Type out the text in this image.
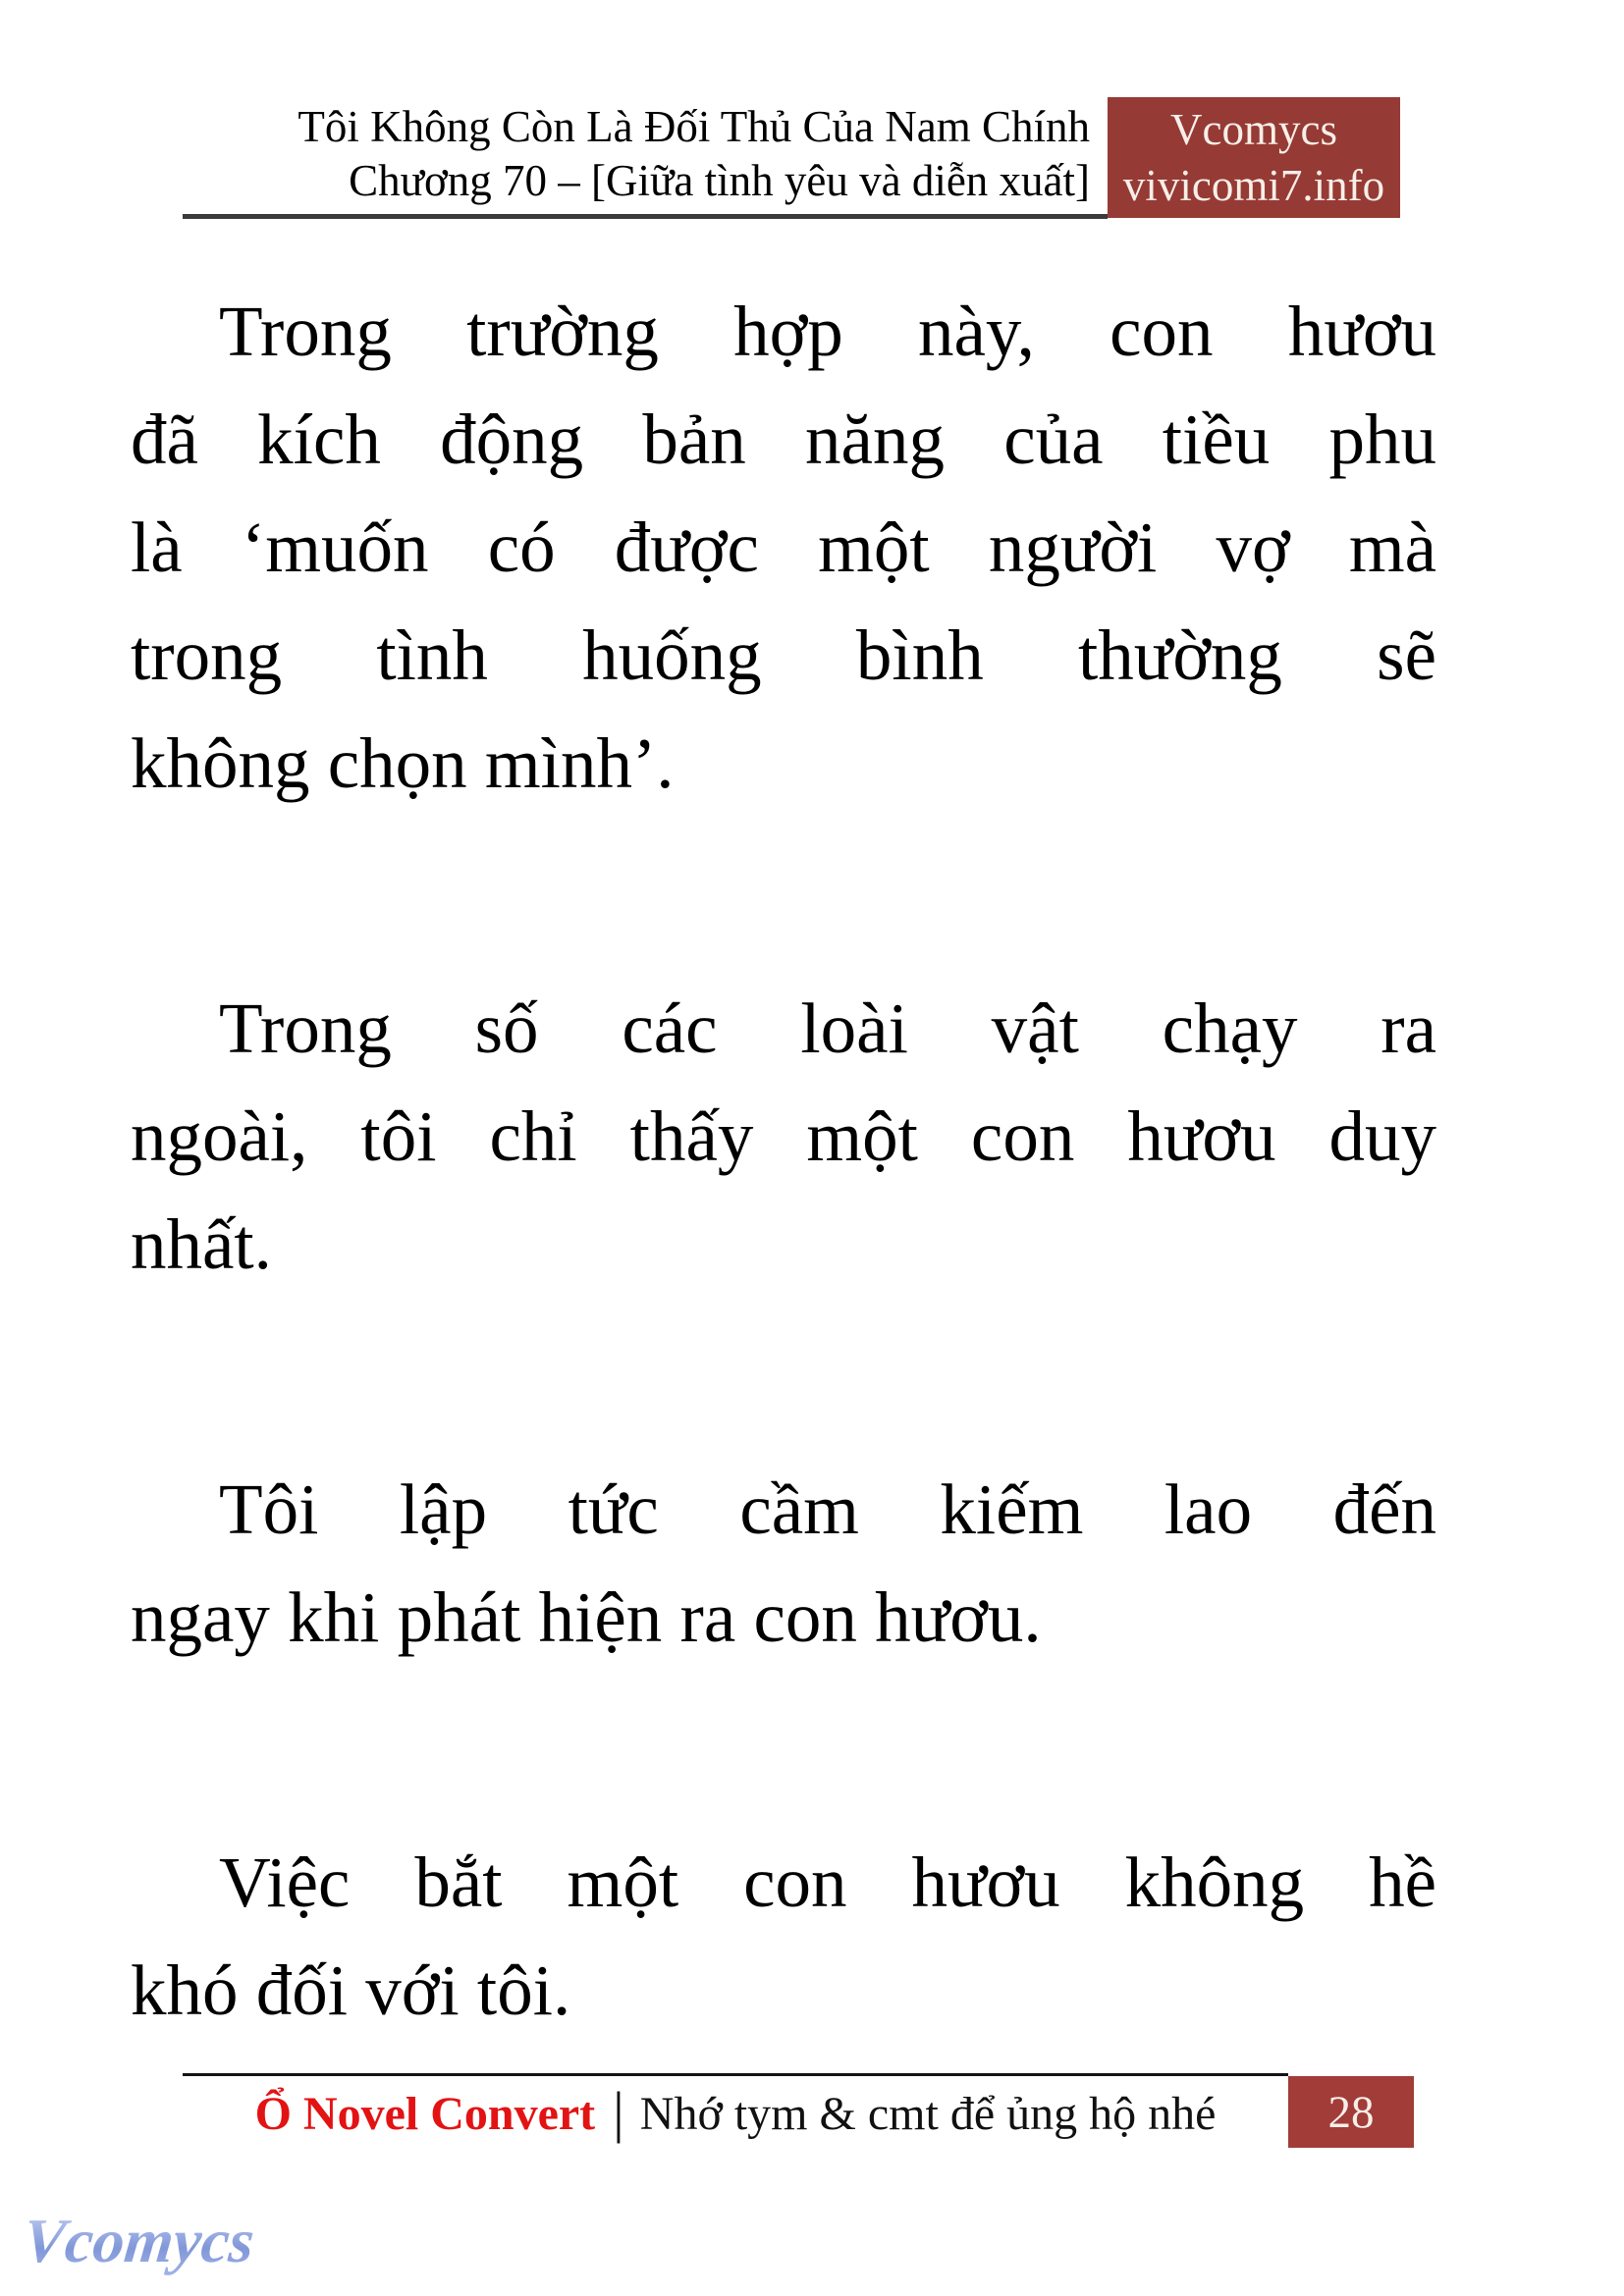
Tôi Không Còn Là Đối Thủ Của Nam Chính
Chương 70 – [Giữa tình yêu và diễn xuất]
Vcomycs
vivicomi7.info
Trong trường hợp này, con hươu
đã kích động bản năng của tiều phu
là ‘muốn có được một người vợ mà
trong tình huống bình thường sẽ
không chọn mình’.
Trong số các loài vật chạy ra
ngoài, tôi chỉ thấy một con hươu duy
nhất.
Tôi lập tức cầm kiếm lao đến
ngay khi phát hiện ra con hươu.
Việc bắt một con hươu không hề
khó đối với tôi.
Ổ Novel Convert | Nhớ tym & cmt để ủng hộ nhé 28
Vcomycs
